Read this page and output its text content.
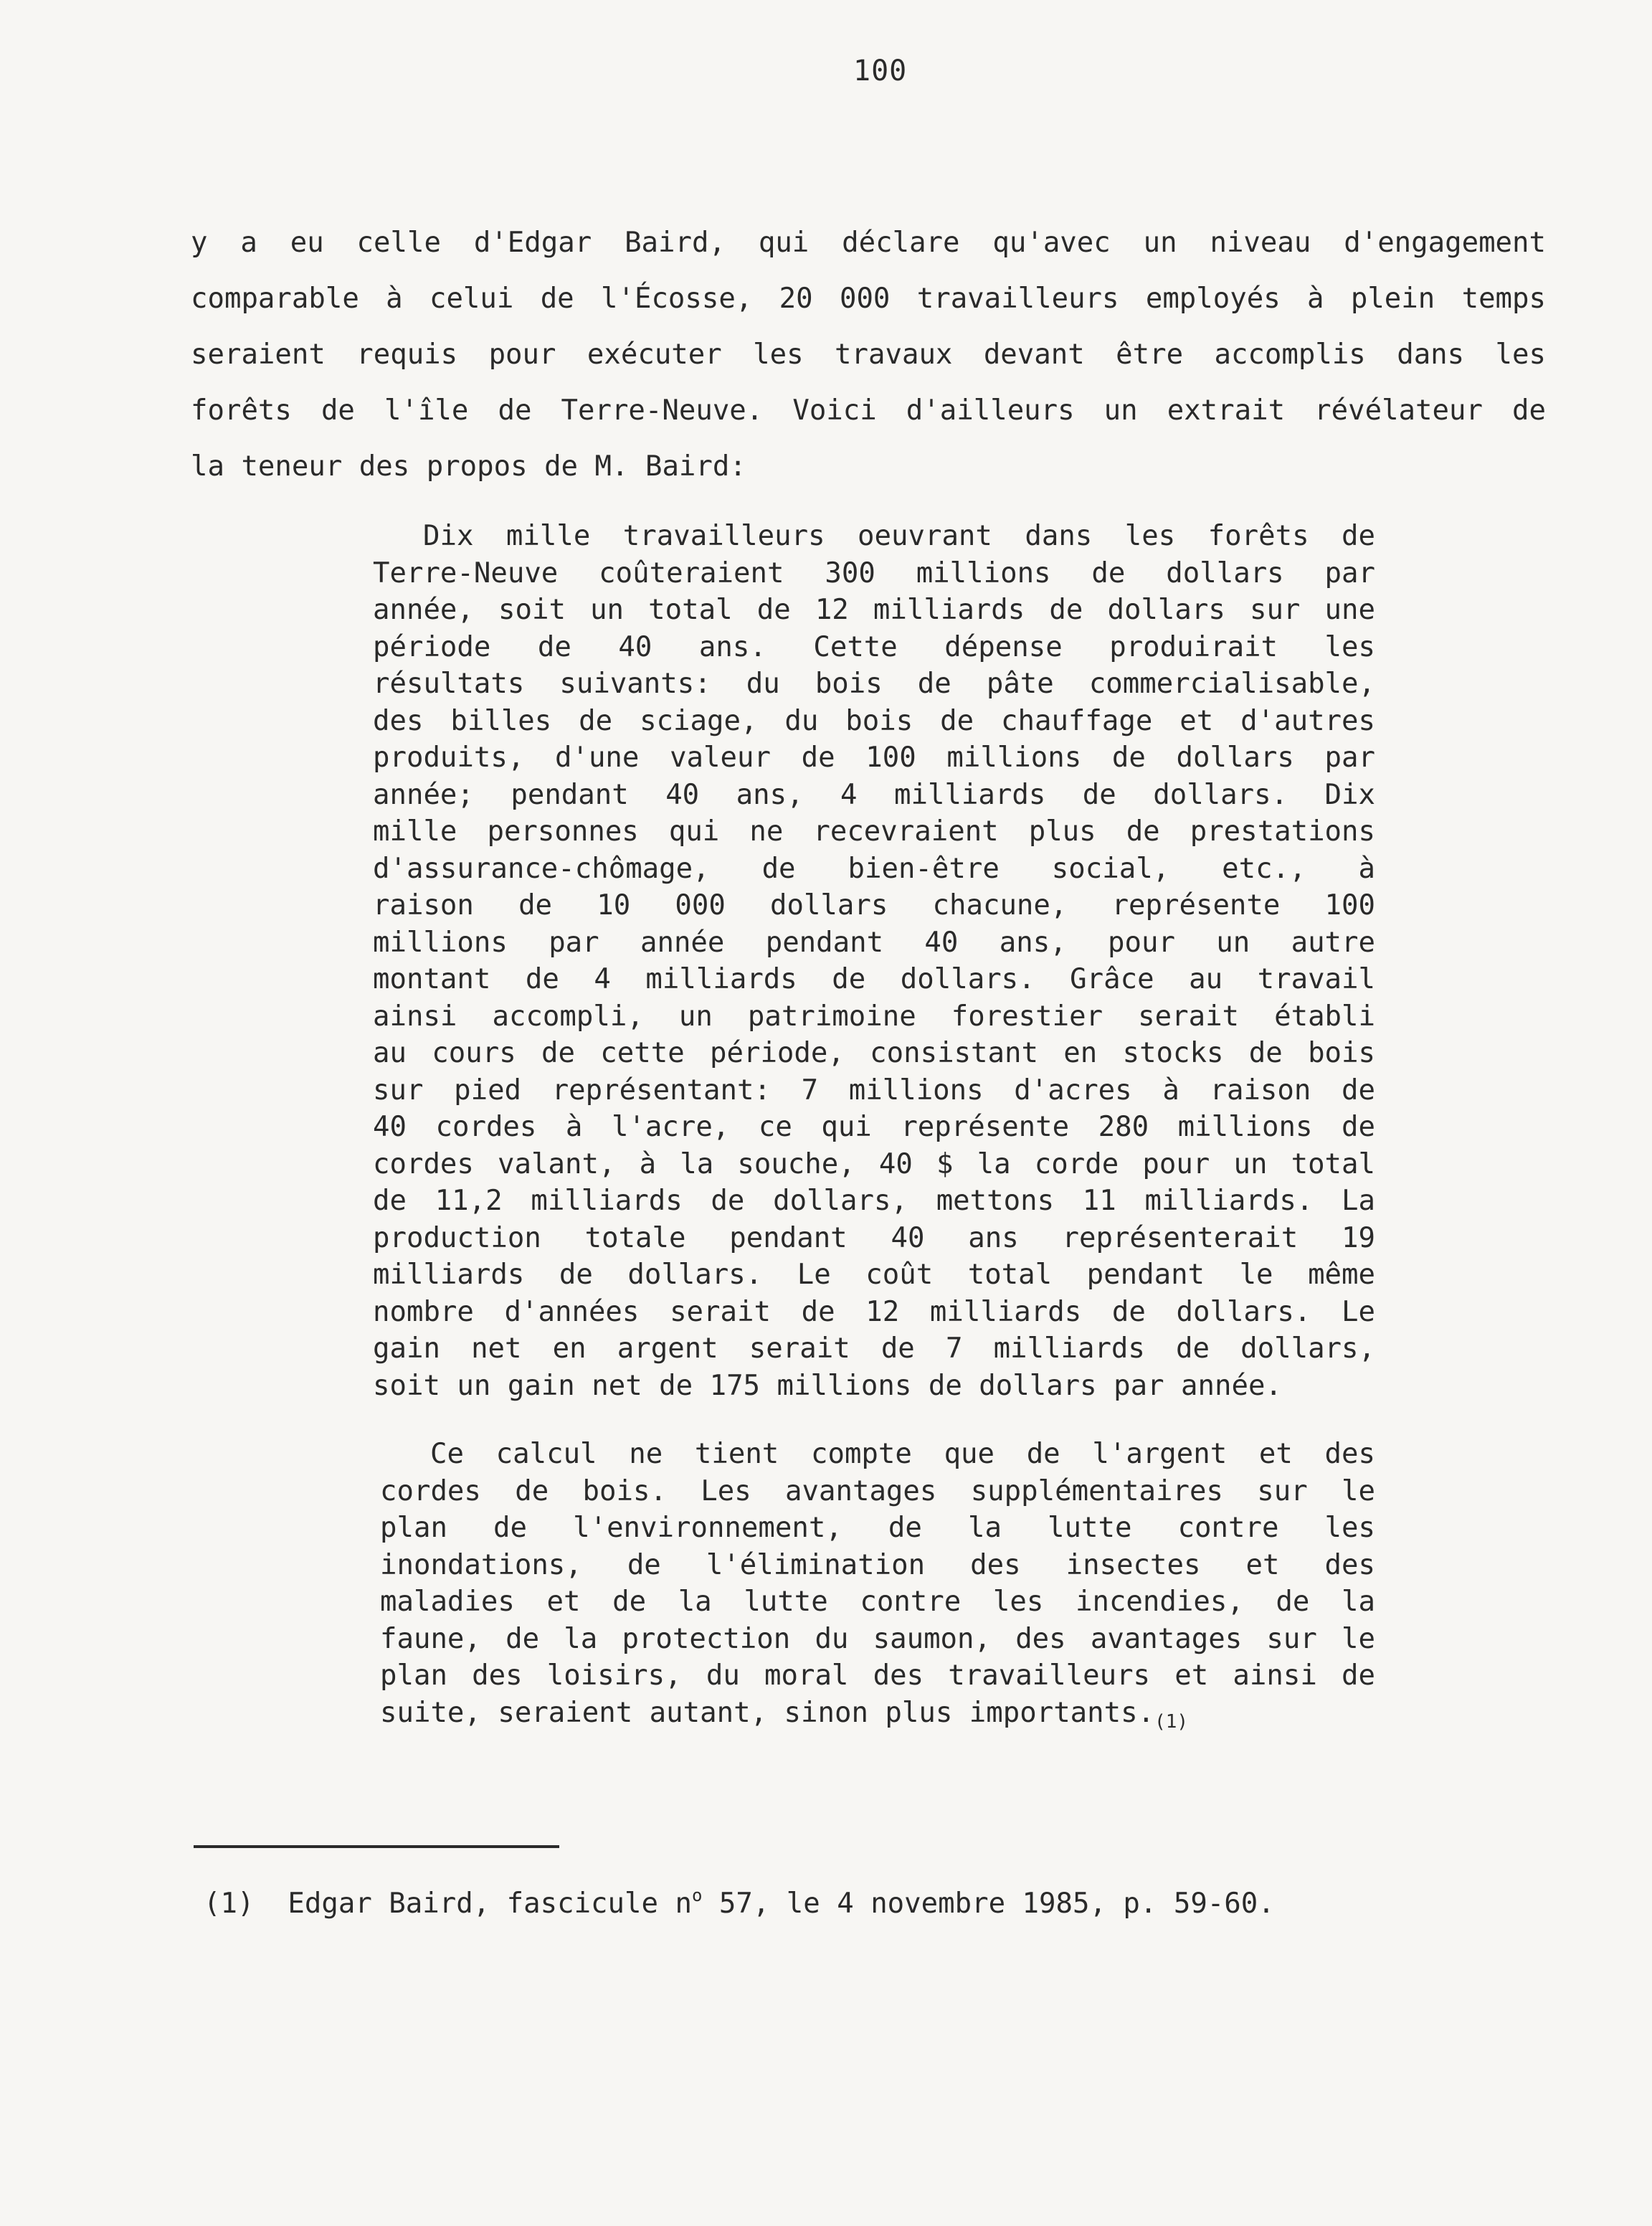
100
y a eu celle d'Edgar Baird, qui déclare qu'avec un niveau d'engagement
comparable à celui de l'Écosse, 20 000 travailleurs employés à plein temps
seraient requis pour exécuter les travaux devant être accomplis dans les
forêts de l'île de Terre-Neuve. Voici d'ailleurs un extrait révélateur de
la teneur des propos de M. Baird:
Dix mille travailleurs oeuvrant dans les forêts de
Terre-Neuve coûteraient 300 millions de dollars par
année, soit un total de 12 milliards de dollars sur une
période de 40 ans. Cette dépense produirait les
résultats suivants: du bois de pâte commercialisable,
des billes de sciage, du bois de chauffage et d'autres
produits, d'une valeur de 100 millions de dollars par
année; pendant 40 ans, 4 milliards de dollars. Dix
mille personnes qui ne recevraient plus de prestations
d'assurance-chômage, de bien-être social, etc., à
raison de 10 000 dollars chacune, représente 100
millions par année pendant 40 ans, pour un autre
montant de 4 milliards de dollars. Grâce au travail
ainsi accompli, un patrimoine forestier serait établi
au cours de cette période, consistant en stocks de bois
sur pied représentant: 7 millions d'acres à raison de
40 cordes à l'acre, ce qui représente 280 millions de
cordes valant, à la souche, 40 $ la corde pour un total
de 11,2 milliards de dollars, mettons 11 milliards. La
production totale pendant 40 ans représenterait 19
milliards de dollars. Le coût total pendant le même
nombre d'années serait de 12 milliards de dollars. Le
gain net en argent serait de 7 milliards de dollars,
soit un gain net de 175 millions de dollars par année.
Ce calcul ne tient compte que de l'argent et des
cordes de bois. Les avantages supplémentaires sur le
plan de l'environnement, de la lutte contre les
inondations, de l'élimination des insectes et des
maladies et de la lutte contre les incendies, de la
faune, de la protection du saumon, des avantages sur le
plan des loisirs, du moral des travailleurs et ainsi de
suite, seraient autant, sinon plus $importants._{(1)}$
(1) Edgar Baird, fascicule $n^o$ 57, le 4 novembre 1985, p. 59-60.
